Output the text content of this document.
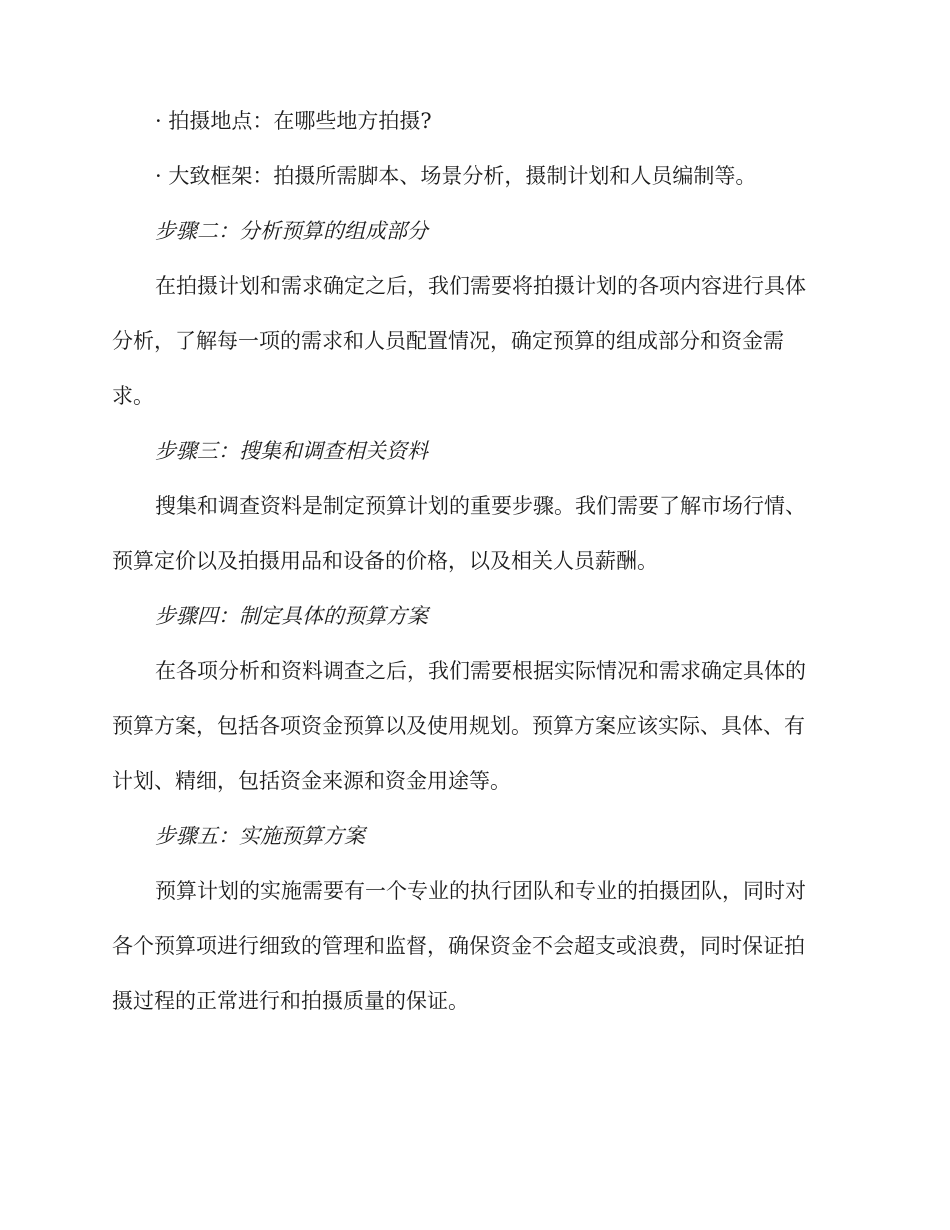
· 拍摄地点：在哪些地方拍摄?
· 大致框架：拍摄所需脚本、场景分析，摄制计划和人员编制等。
步骤二：分析预算的组成部分
在拍摄计划和需求确定之后，我们需要将拍摄计划的各项内容进行具体
分析，了解每一项的需求和人员配置情况，确定预算的组成部分和资金需
求。
步骤三：搜集和调查相关资料
搜集和调查资料是制定预算计划的重要步骤。我们需要了解市场行情、
预算定价以及拍摄用品和设备的价格，以及相关人员薪酬。
步骤四：制定具体的预算方案
在各项分析和资料调查之后，我们需要根据实际情况和需求确定具体的
预算方案，包括各项资金预算以及使用规划。预算方案应该实际、具体、有
计划、精细，包括资金来源和资金用途等。
步骤五：实施预算方案
预算计划的实施需要有一个专业的执行团队和专业的拍摄团队，同时对
各个预算项进行细致的管理和监督，确保资金不会超支或浪费，同时保证拍
摄过程的正常进行和拍摄质量的保证。
